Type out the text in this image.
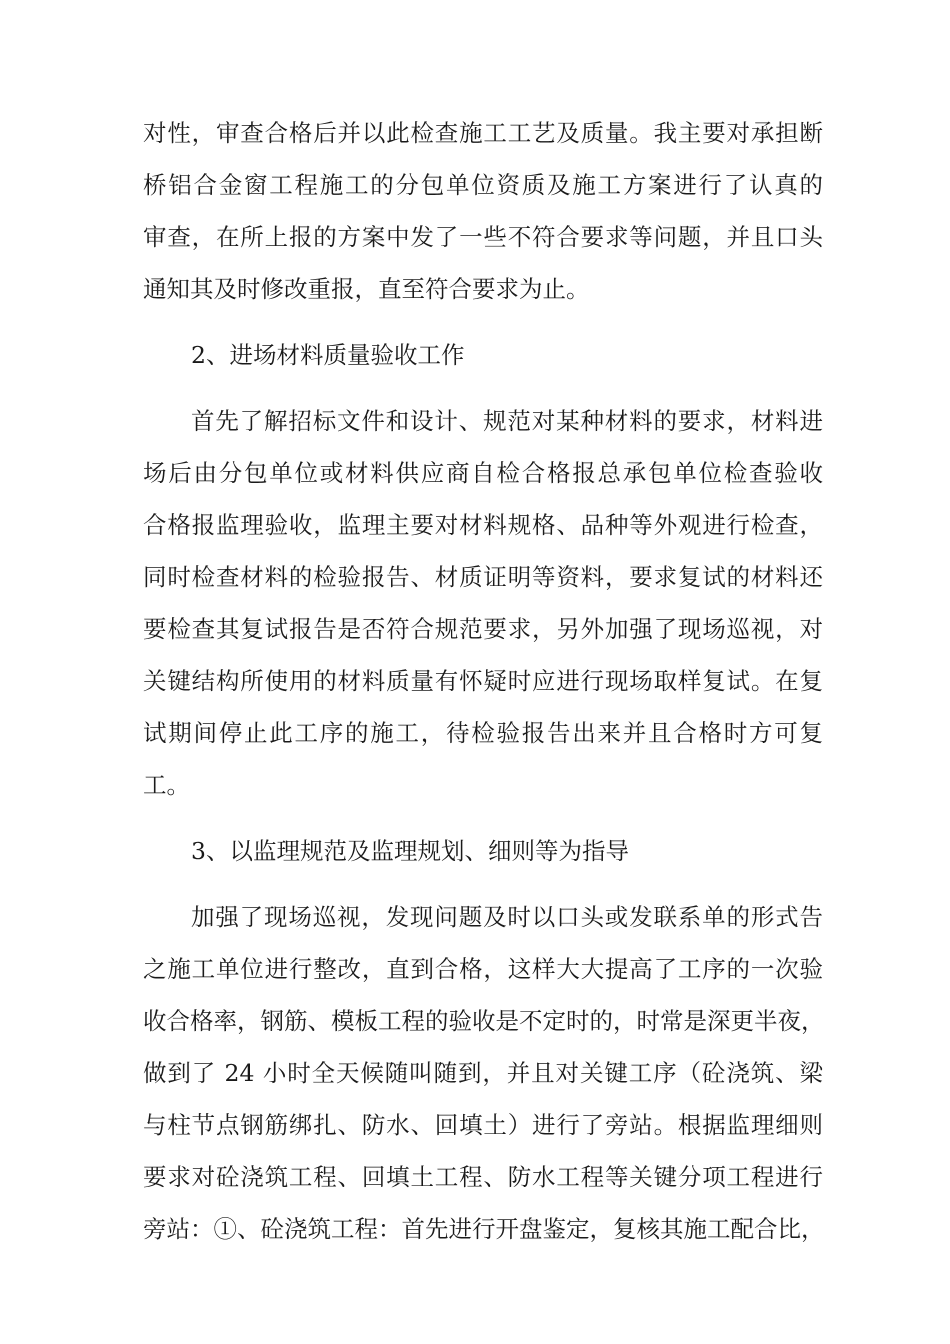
对性，审查合格后并以此检查施工工艺及质量。我主要对承担断

桥铝合金窗工程施工的分包单位资质及施工方案进行了认真的

审查，在所上报的方案中发了一些不符合要求等问题，并且口头

通知其及时修改重报，直至符合要求为止。

2、进场材料质量验收工作

首先了解招标文件和设计、规范对某种材料的要求，材料进

场后由分包单位或材料供应商自检合格报总承包单位检查验收

合格报监理验收，监理主要对材料规格、品种等外观进行检查，

同时检查材料的检验报告、材质证明等资料，要求复试的材料还

要检查其复试报告是否符合规范要求，另外加强了现场巡视，对

关键结构所使用的材料质量有怀疑时应进行现场取样复试。在复

试期间停止此工序的施工，待检验报告出来并且合格时方可复

工。

3、以监理规范及监理规划、细则等为指导

加强了现场巡视，发现问题及时以口头或发联系单的形式告

之施工单位进行整改，直到合格，这样大大提高了工序的一次验

收合格率，钢筋、模板工程的验收是不定时的，时常是深更半夜，

做到了 24 小时全天候随叫随到，并且对关键工序（砼浇筑、梁

与柱节点钢筋绑扎、防水、回填土）进行了旁站。根据监理细则

要求对砼浇筑工程、回填土工程、防水工程等关键分项工程进行

旁站：①、砼浇筑工程：首先进行开盘鉴定，复核其施工配合比，
